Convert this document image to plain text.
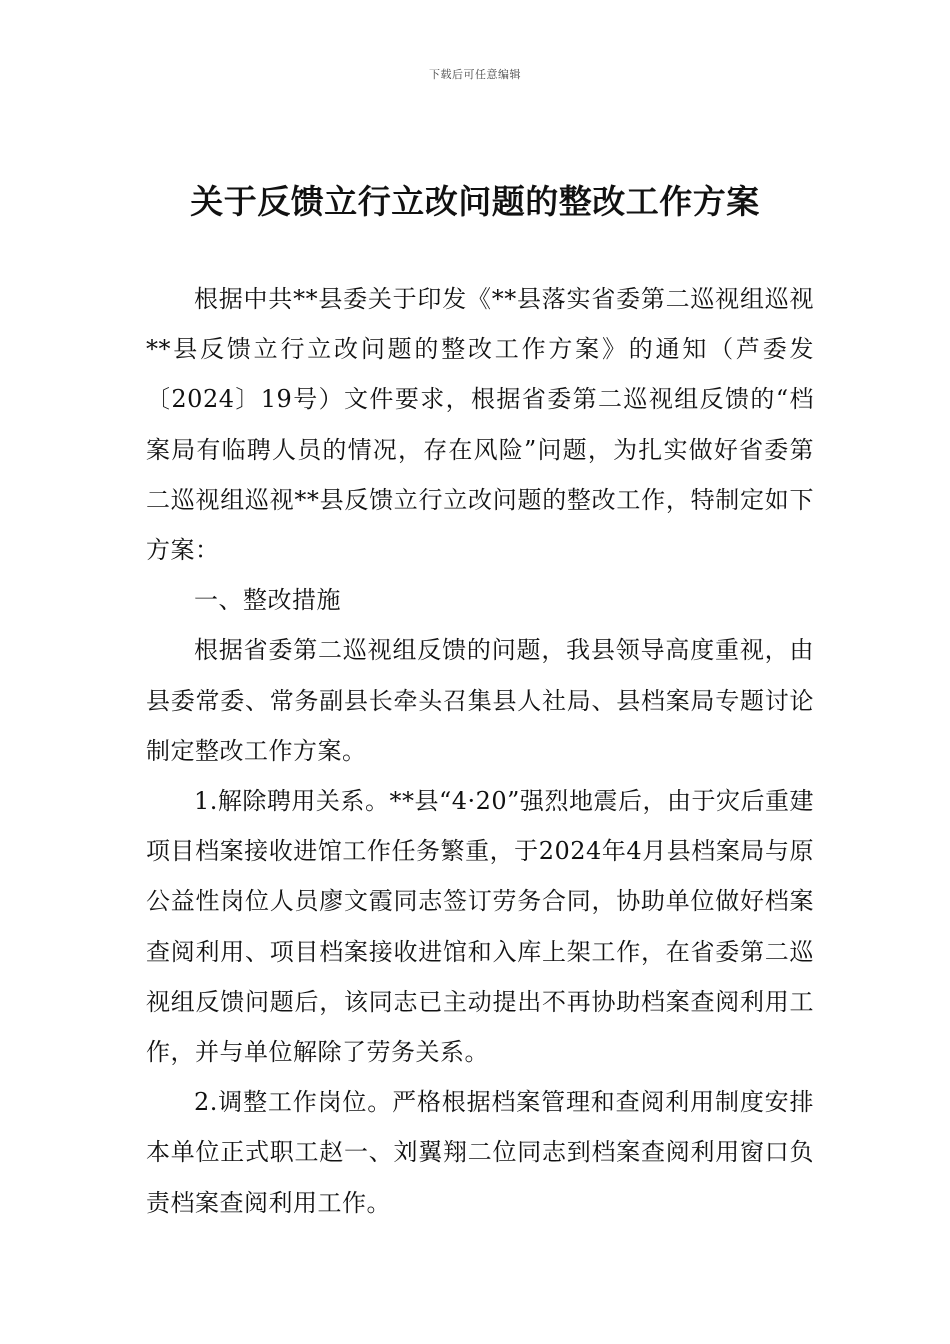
下载后可任意编辑
关于反馈立行立改问题的整改工作方案

根据中共**县委关于印发《**县落实省委第二巡视组巡视**县反馈立行立改问题的整改工作方案》的通知（芦委发〔2024〕19号）文件要求，根据省委第二巡视组反馈的“档案局有临聘人员的情况，存在风险”问题，为扎实做好省委第二巡视组巡视**县反馈立行立改问题的整改工作，特制定如下方案：

一、整改措施

根据省委第二巡视组反馈的问题，我县领导高度重视，由县委常委、常务副县长牵头召集县人社局、县档案局专题讨论制定整改工作方案。

1.解除聘用关系。**县“4·20”强烈地震后，由于灾后重建项目档案接收进馆工作任务繁重，于2024年4月县档案局与原公益性岗位人员廖文霞同志签订劳务合同，协助单位做好档案查阅利用、项目档案接收进馆和入库上架工作，在省委第二巡视组反馈问题后，该同志已主动提出不再协助档案查阅利用工作，并与单位解除了劳务关系。

2.调整工作岗位。严格根据档案管理和查阅利用制度安排本单位正式职工赵一、刘翼翔二位同志到档案查阅利用窗口负责档案查阅利用工作。
